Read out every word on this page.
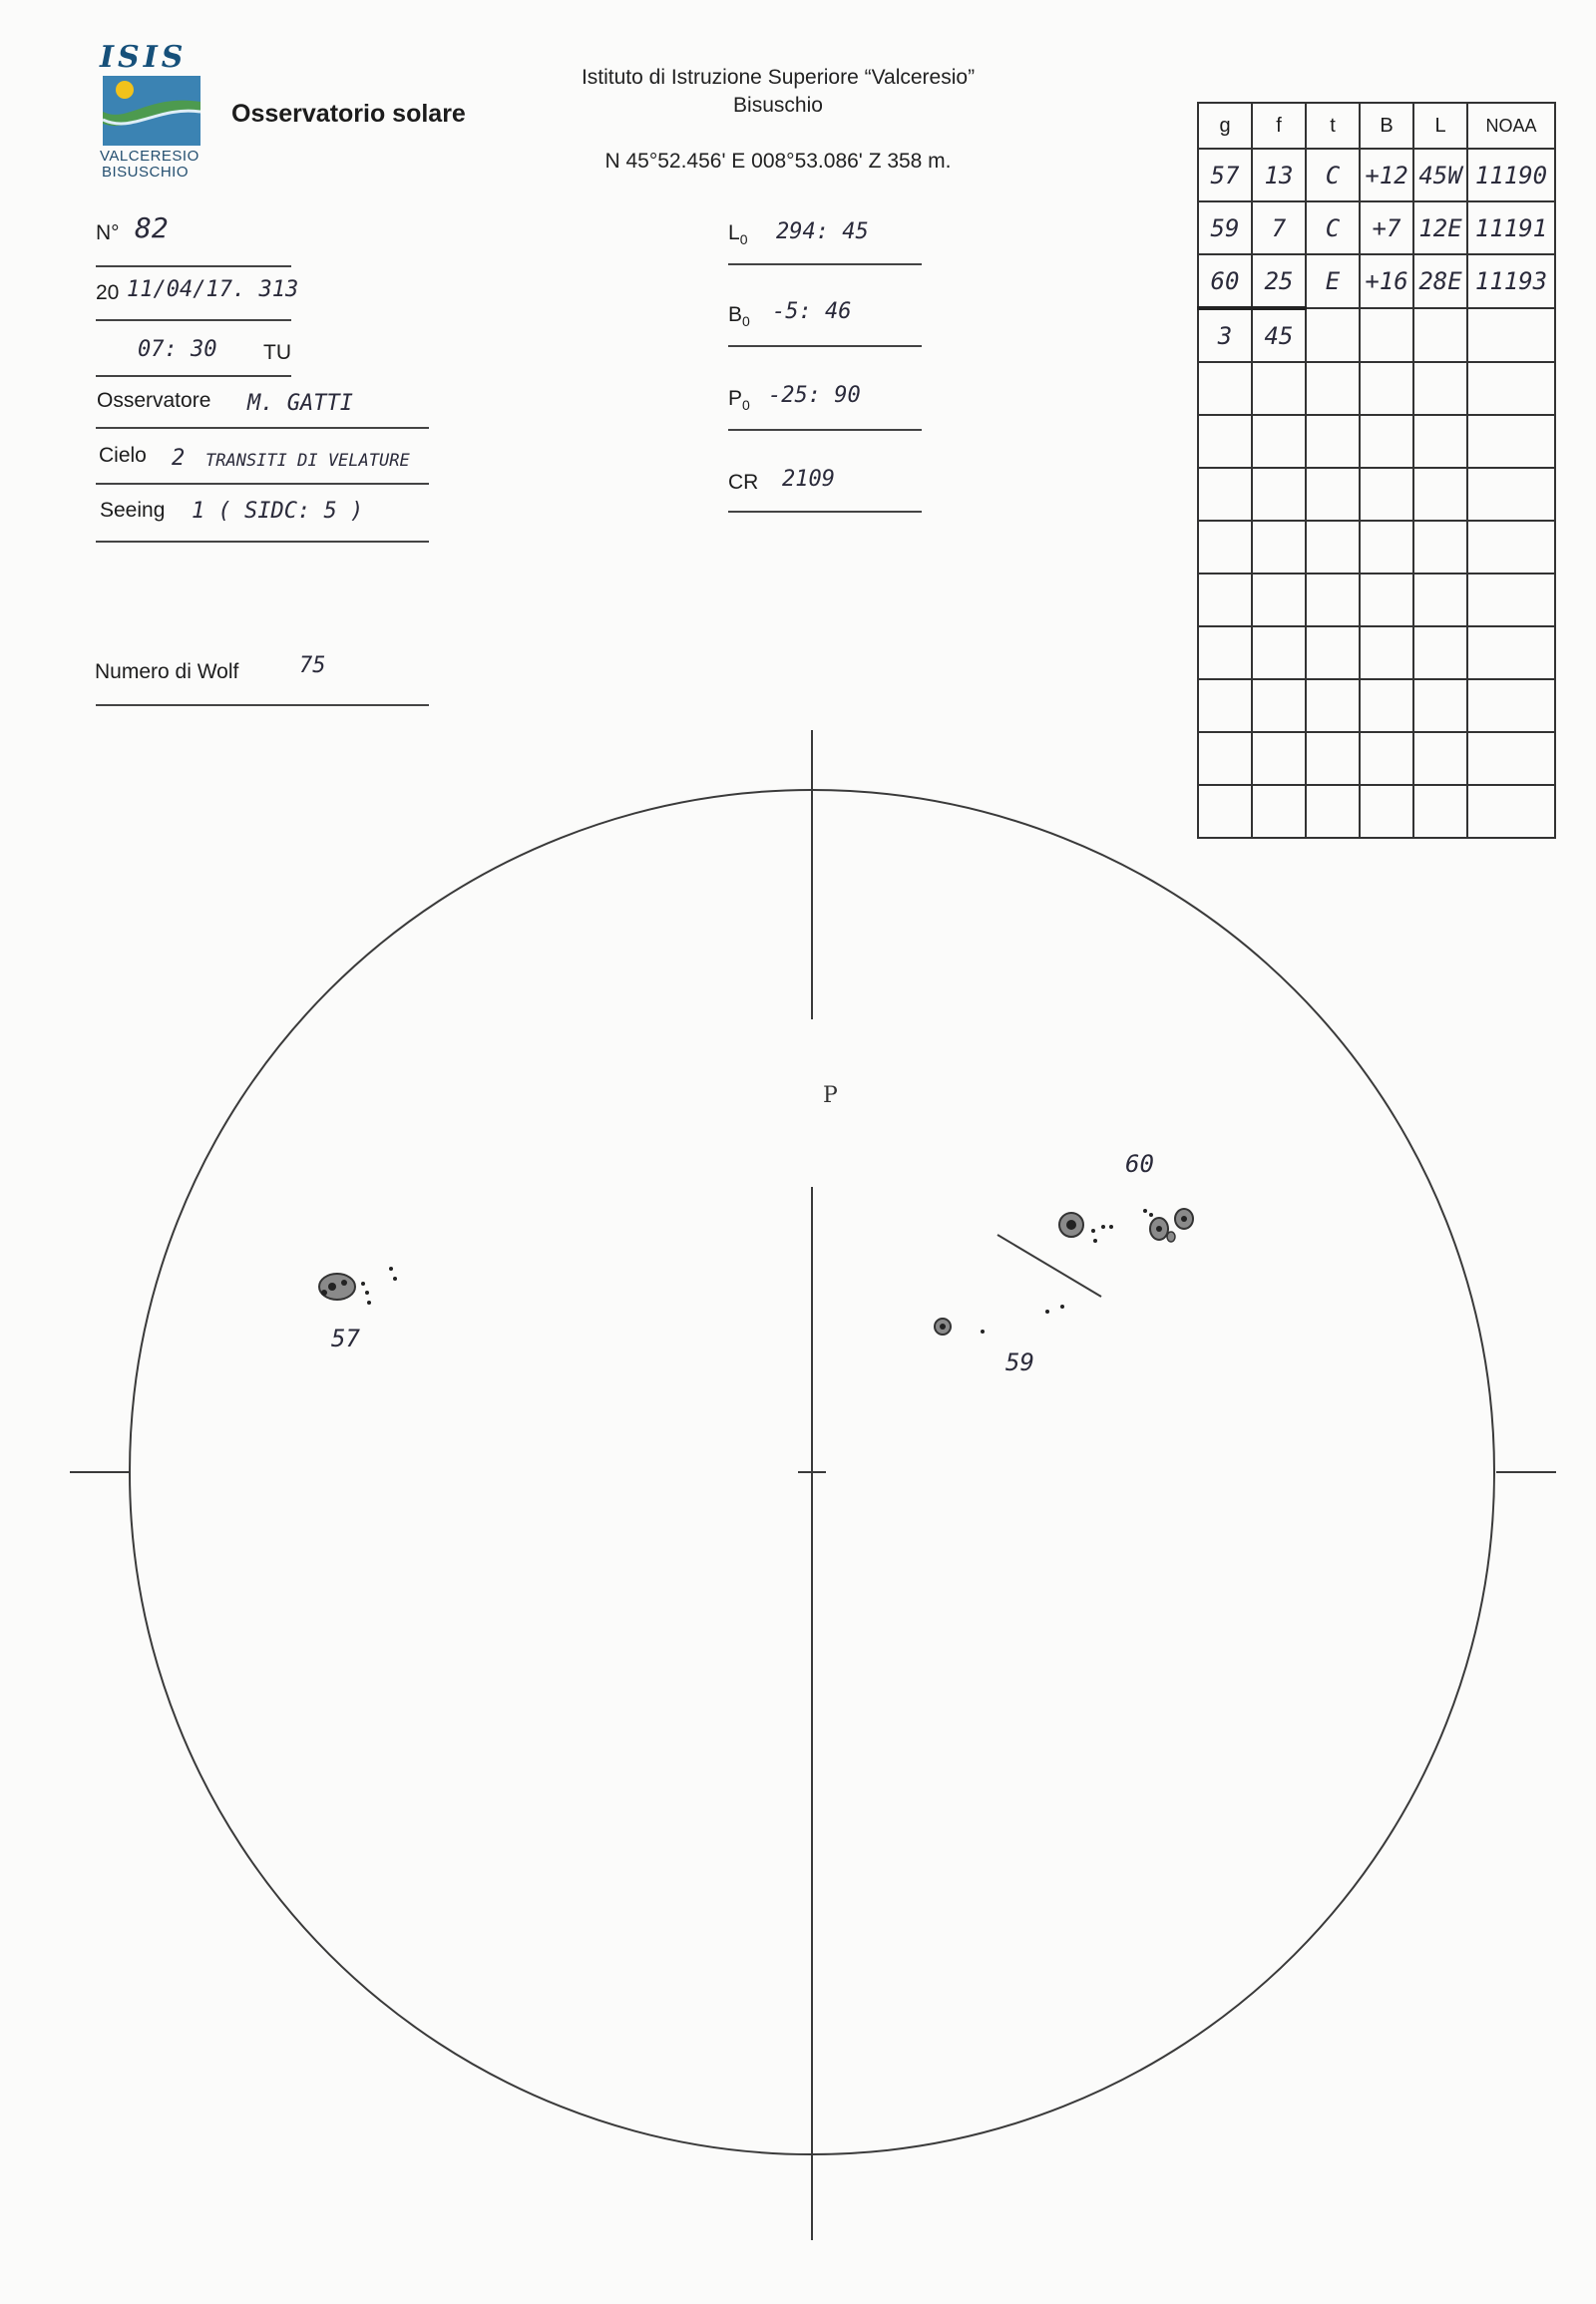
ISIS
VALCERESIO
BISUSCHIO
Osservatorio solare
Istituto di Istruzione Superiore “Valceresio”
Bisuschio
N 45°52.456' E 008°53.086' Z 358 m.
N° 82
20 11/04/17. 313
07: 30 TU
Osservatore M. GATTI
Cielo 2 TRANSITI DI VELATURE
Seeing 1 ( SIDC: 5 )
Numero di Wolf	75
$L_0$ 294: 45
$B_0$ -5: 46
$P_0$ -25: 90
CR 2109
g	f	t	B	L	NOAA
57	13	C	+12	45W	11190
59	7	C	+7	12E	11191
60	25	E	+16	28E	11193
3	45				

P
57
59
60
